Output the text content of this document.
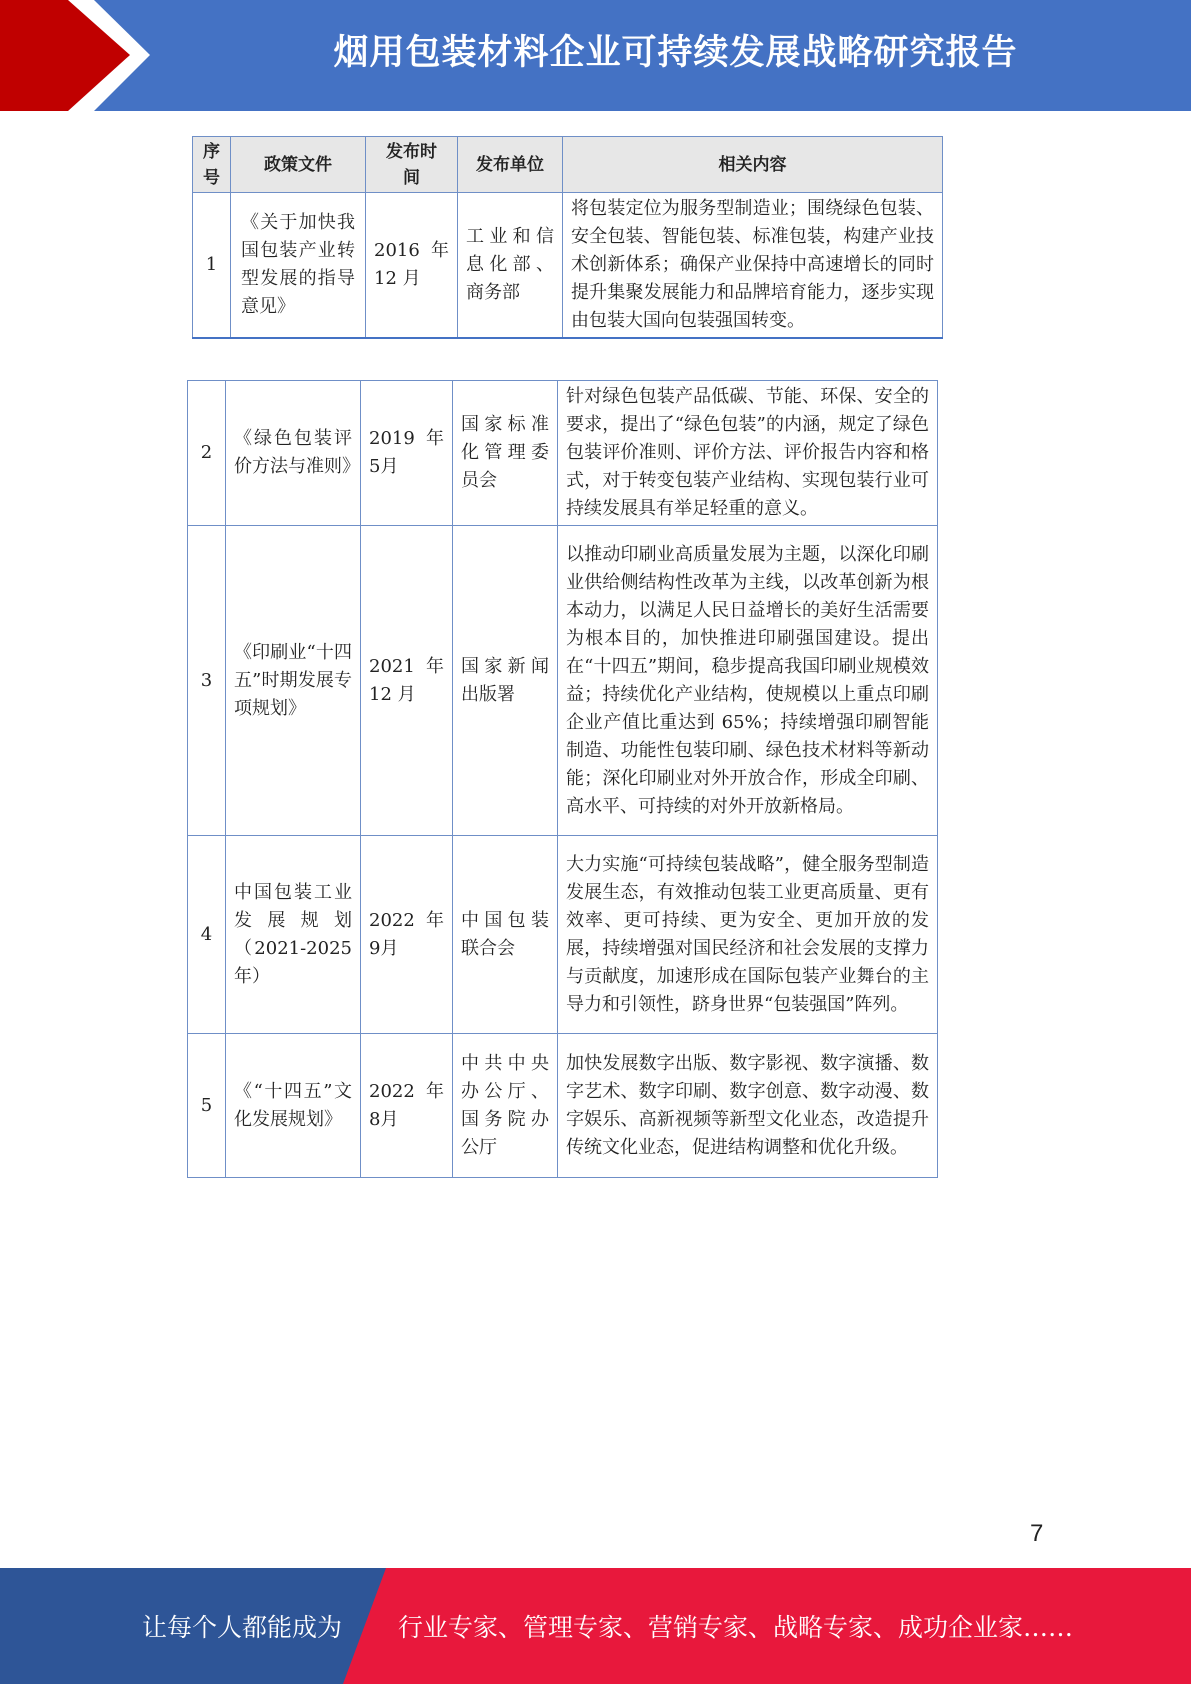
烟用包装材料企业可持续发展战略研究报告
序号	政策文件	发布时间	发布单位	相关内容
1	《关于加快我国包装产业转型发展的指导意见》	2016 年 12 月	工业和信息化部、商务部	将包装定位为服务型制造业；围绕绿色包装、安全包装、智能包装、标准包装，构建产业技术创新体系；确保产业保持中高速增长的同时提升集聚发展能力和品牌培育能力，逐步实现由包装大国向包装强国转变。
2	《绿色包装评价方法与准则》	2019年5月	国家标准化管理委员会	针对绿色包装产品低碳、节能、环保、安全的要求，提出了“绿色包装”的内涵，规定了绿色包装评价准则、评价方法、评价报告内容和格式，对于转变包装产业结构、实现包装行业可持续发展具有举足轻重的意义。
3	《印刷业“十四五”时期发展专项规划》	2021 年 12 月	国家新闻出版署	以推动印刷业高质量发展为主题，以深化印刷业供给侧结构性改革为主线，以改革创新为根本动力，以满足人民日益增长的美好生活需要为根本目的，加快推进印刷强国建设。提出在“十四五”期间，稳步提高我国印刷业规模效益；持续优化产业结构，使规模以上重点印刷企业产值比重达到 65%；持续增强印刷智能制造、功能性包装印刷、绿色技术材料等新动能；深化印刷业对外开放合作，形成全印刷、高水平、可持续的对外开放新格局。
4	中国包装工业发展规划（2021-2025年）	2022年9月	中国包装联合会	大力实施“可持续包装战略”，健全服务型制造发展生态，有效推动包装工业更高质量、更有效率、更可持续、更为安全、更加开放的发展，持续增强对国民经济和社会发展的支撑力与贡献度，加速形成在国际包装产业舞台的主导力和引领性，跻身世界“包装强国”阵列。
5	《“十四五”文化发展规划》	2022年8月	中共中央办公厅、国务院办公厅	加快发展数字出版、数字影视、数字演播、数字艺术、数字印刷、数字创意、数字动漫、数字娱乐、高新视频等新型文化业态，改造提升传统文化业态，促进结构调整和优化升级。
7
让每个人都能成为 行业专家、管理专家、营销专家、战略专家、成功企业家……
